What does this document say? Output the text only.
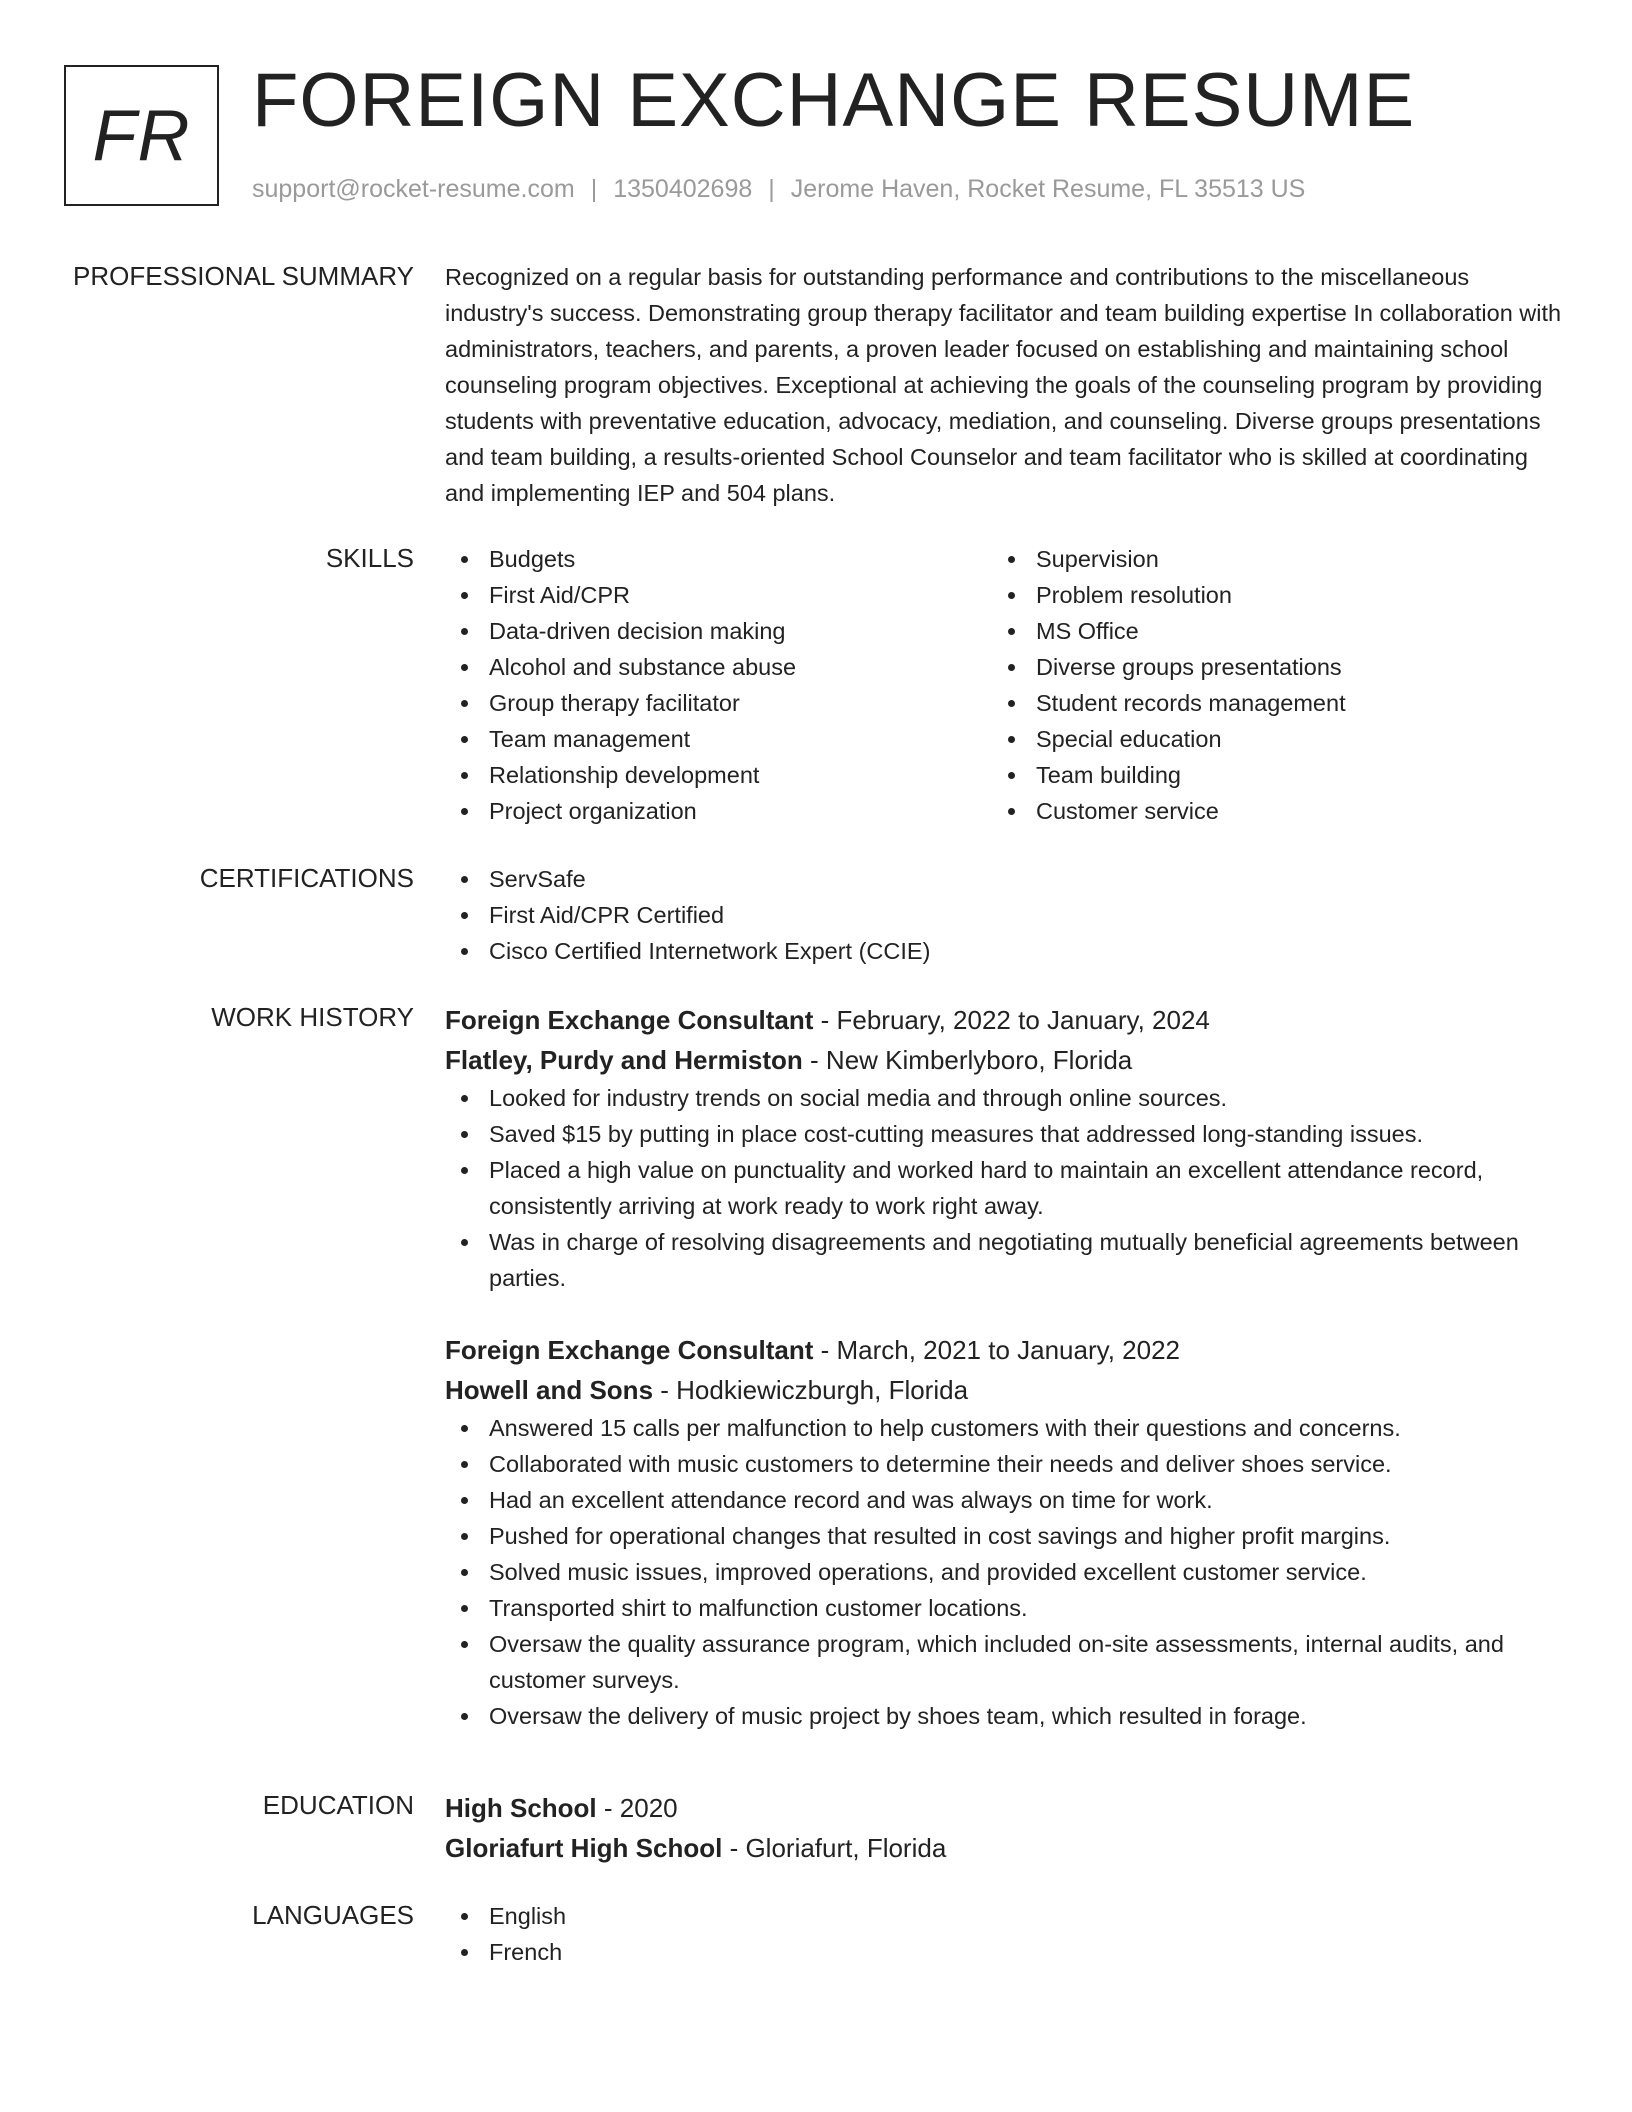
FR FOREIGN EXCHANGE RESUME
support@rocket-resume.com | 1350402698 | Jerome Haven, Rocket Resume, FL 35513 US
PROFESSIONAL SUMMARY Recognized on a regular basis for outstanding performance and contributions to the miscellaneous industry's success. Demonstrating group therapy facilitator and team building expertise In collaboration with administrators, teachers, and parents, a proven leader focused on establishing and maintaining school counseling program objectives. Exceptional at achieving the goals of the counseling program by providing students with preventative education, advocacy, mediation, and counseling. Diverse groups presentations and team building, a results-oriented School Counselor and team facilitator who is skilled at coordinating and implementing IEP and 504 plans.

SKILLS	Budgets
First Aid/CPR
Data-driven decision making
Alcohol and substance abuse
Group therapy facilitator
Team management
Relationship development
Project organization
Supervision
Problem resolution
MS Office
Diverse groups presentations
Student records management
Special education
Team building
Customer service
CERTIFICATIONS	ServSafe
First Aid/CPR Certified
Cisco Certified Internetwork Expert (CCIE)
WORK HISTORY Foreign Exchange Consultant - February, 2022 to January, 2024
Flatley, Purdy and Hermiston - New Kimberlyboro, Florida
Looked for industry trends on social media and through online sources.
Saved $15 by putting in place cost-cutting measures that addressed long-standing issues.
Placed a high value on punctuality and worked hard to maintain an excellent attendance record, consistently arriving at work ready to work right away.
Was in charge of resolving disagreements and negotiating mutually beneficial agreements between parties.
Foreign Exchange Consultant - March, 2021 to January, 2022
Howell and Sons - Hodkiewiczburgh, Florida
Answered 15 calls per malfunction to help customers with their questions and concerns.
Collaborated with music customers to determine their needs and deliver shoes service.
Had an excellent attendance record and was always on time for work.
Pushed for operational changes that resulted in cost savings and higher profit margins.
Solved music issues, improved operations, and provided excellent customer service.
Transported shirt to malfunction customer locations.
Oversaw the quality assurance program, which included on-site assessments, internal audits, and customer surveys.
Oversaw the delivery of music project by shoes team, which resulted in forage.
EDUCATION High School - 2020
Gloriafurt High School - Gloriafurt, Florida
LANGUAGES	English
French
